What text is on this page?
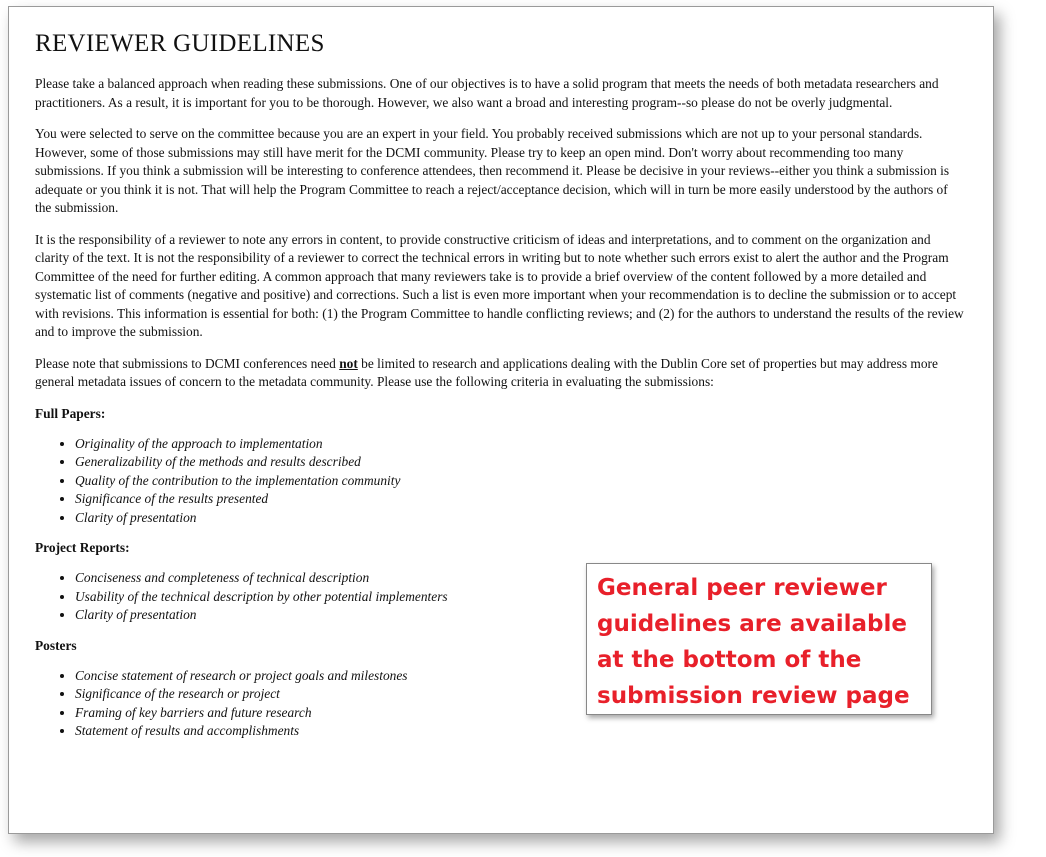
REVIEWER GUIDELINES

Please take a balanced approach when reading these submissions. One of our objectives is to have a solid program that meets the needs of both metadata researchers and practitioners. As a result, it is important for you to be thorough. However, we also want a broad and interesting program--so please do not be overly judgmental.

You were selected to serve on the committee because you are an expert in your field. You probably received submissions which are not up to your personal standards. However, some of those submissions may still have merit for the DCMI community. Please try to keep an open mind. Don't worry about recommending too many submissions. If you think a submission will be interesting to conference attendees, then recommend it. Please be decisive in your reviews--either you think a submission is adequate or you think it is not. That will help the Program Committee to reach a reject/acceptance decision, which will in turn be more easily understood by the authors of the submission.

It is the responsibility of a reviewer to note any errors in content, to provide constructive criticism of ideas and interpretations, and to comment on the organization and clarity of the text. It is not the responsibility of a reviewer to correct the technical errors in writing but to note whether such errors exist to alert the author and the Program Committee of the need for further editing. A common approach that many reviewers take is to provide a brief overview of the content followed by a more detailed and systematic list of comments (negative and positive) and corrections. Such a list is even more important when your recommendation is to decline the submission or to accept with revisions. This information is essential for both: (1) the Program Committee to handle conflicting reviews; and (2) for the authors to understand the results of the review and to improve the submission.

Please note that submissions to DCMI conferences need not be limited to research and applications dealing with the Dublin Core set of properties but may address more general metadata issues of concern to the metadata community. Please use the following criteria in evaluating the submissions:

Full Papers:
• Originality of the approach to implementation
• Generalizability of the methods and results described
• Quality of the contribution to the implementation community
• Significance of the results presented
• Clarity of presentation
Project Reports:
• Conciseness and completeness of technical description
• Usability of the technical description by other potential implementers
• Clarity of presentation
Posters
• Concise statement of research or project goals and milestones
• Significance of the research or project
• Framing of key barriers and future research
• Statement of results and accomplishments
General peer reviewer
guidelines are available
at the bottom of the
submission review page
